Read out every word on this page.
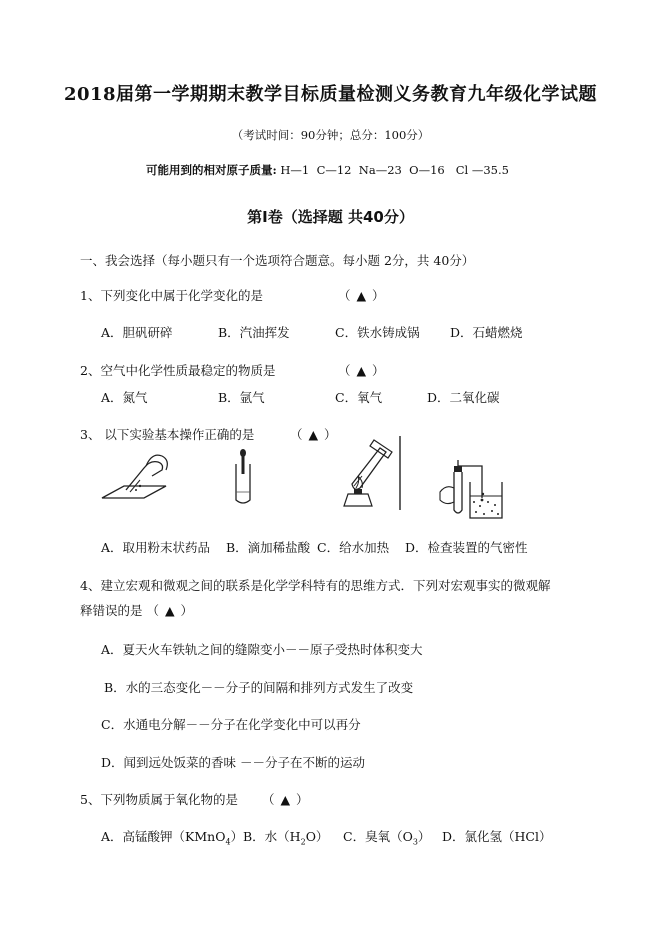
2018届第一学期期末教学目标质量检测义务教育九年级化学试题
（考试时间：90分钟；总分：100分）
可能用到的相对原子质量: H—1  C—12  Na—23  O—16   Cl —35.5
第Ⅰ卷（选择题 共40分）
一、我会选择（每小题只有一个选项符合题意。每小题 2分，共 40分）
1、下列变化中属于化学变化的是	（ ▲ ）
A．胆矾研碎	B．汽油挥发	C．铁水铸成锅 D．石蜡燃烧
2、空气中化学性质最稳定的物质是	（ ▲ ）
A．氮气	B．氩气	C．氧气	D．二氧化碳
3、 以下实验基本操作正确的是	（ ▲ ）
A．取用粉末状药品 B．滴加稀盐酸 C．给水加热 D．检查装置的气密性
4、建立宏观和微观之间的联系是化学学科特有的思维方式．下列对宏观事实的微观解
释错误的是 （ ▲ ）
A．夏天火车铁轨之间的缝隙变小－－原子受热时体积变大
B．水的三态变化－－分子的间隔和排列方式发生了改变
C．水通电分解－－分子在化学变化中可以再分
D．闻到远处饭菜的香味 －－分子在不断的运动
5、下列物质属于氧化物的是 （ ▲ ）
A．高锰酸钾（KMnO$_4$） B．水$(H_2O)$ C．臭氧$(O_3)$ D．氯化氢（HCl）
